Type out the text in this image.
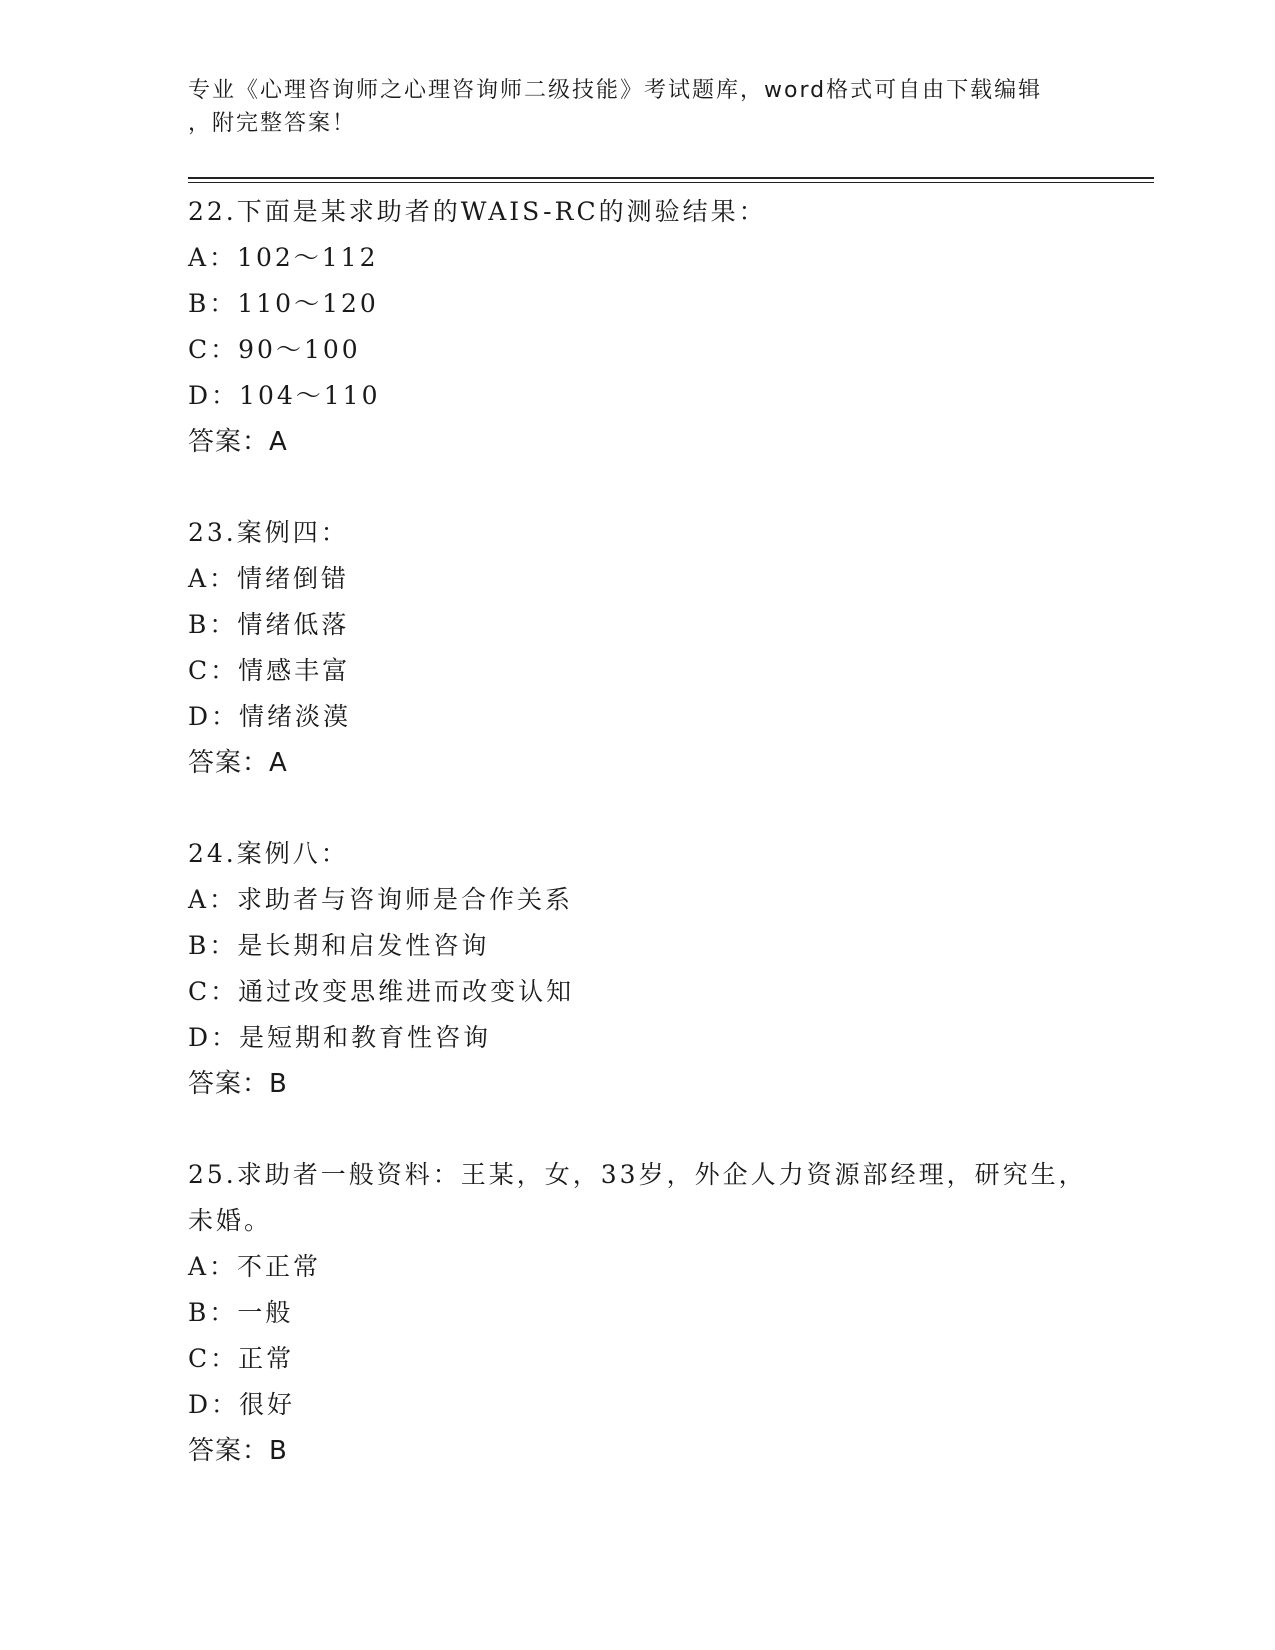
专业《心理咨询师之心理咨询师二级技能》考试题库，word格式可自由下载编辑
，附完整答案！
22.下面是某求助者的WAIS-RC的测验结果：
A：102～112
B：110～120
C：90～100
D：104～110
答案：A
23.案例四：
A：情绪倒错
B：情绪低落
C：情感丰富
D：情绪淡漠
答案：A
24.案例八：
A：求助者与咨询师是合作关系
B：是长期和启发性咨询
C：通过改变思维进而改变认知
D：是短期和教育性咨询
答案：B
25.求助者一般资料：王某，女，33岁，外企人力资源部经理，研究生，未婚。
A：不正常
B：一般
C：正常
D：很好
答案：B
